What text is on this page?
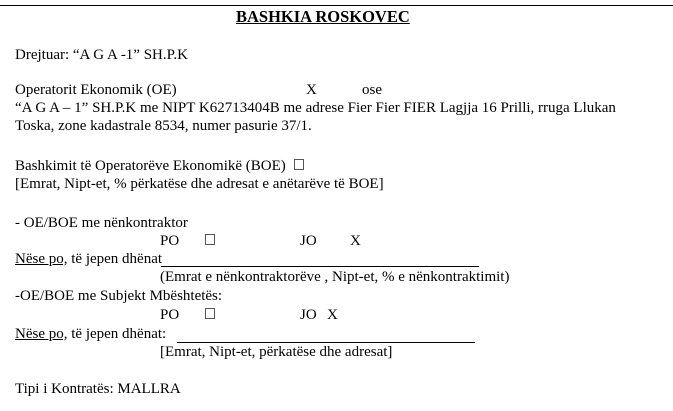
BASHKIA ROSKOVEC
Drejtuar: “A G A -1” SH.P.K
Operatorit Ekonomik (OE)	X	ose
“A G A – 1” SH.P.K me NIPT K62713404B me adrese Fier Fier FIER Lagjja 16 Prilli, rruga Llukan
Toska, zone kadastrale 8534, numer pasurie 37/1.
Bashkimit të Operatorëve Ekonomikë (BOE)
[Emrat, Nipt-et, % përkatëse dhe adresat e anëtarëve të BOE]
- OE/BOE me nënkontraktor
PO	JO X
Nëse po, të jepen dhënat
(Emrat e nënkontraktorëve , Nipt-et, % e nënkontraktimit)
-OE/BOE me Subjekt Mbështetës:
PO	JO X
Nëse po, të jepen dhënat:
[Emrat, Nipt-et, përkatëse dhe adresat]
Tipi i Kontratës: MALLRA
